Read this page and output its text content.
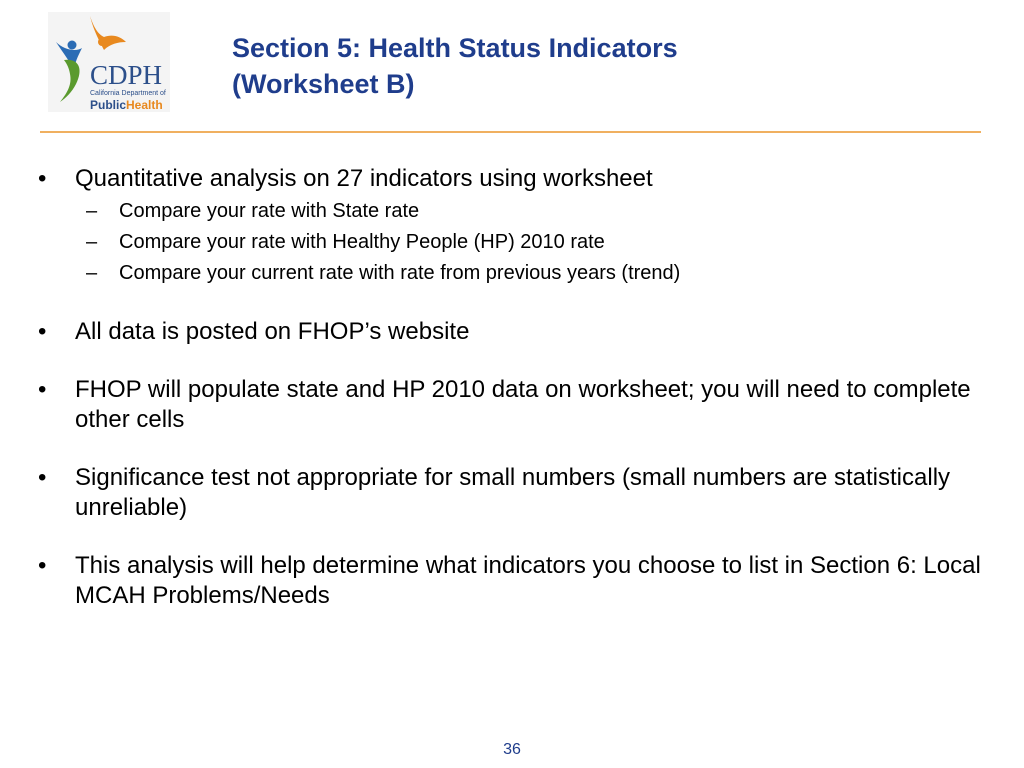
CDPH
California Department of
PublicHealth
Section 5: Health Status Indicators
(Worksheet B)
• Quantitative analysis on 27 indicators using worksheet
– Compare your rate with State rate
– Compare your rate with Healthy People (HP) 2010 rate
– Compare your current rate with rate from previous years (trend)
• All data is posted on FHOP’s website
• FHOP will populate state and HP 2010 data on worksheet; you will need to complete other cells
• Significance test not appropriate for small numbers (small numbers are statistically unreliable)
• This analysis will help determine what indicators you choose to list in Section 6: Local MCAH Problems/Needs
36
